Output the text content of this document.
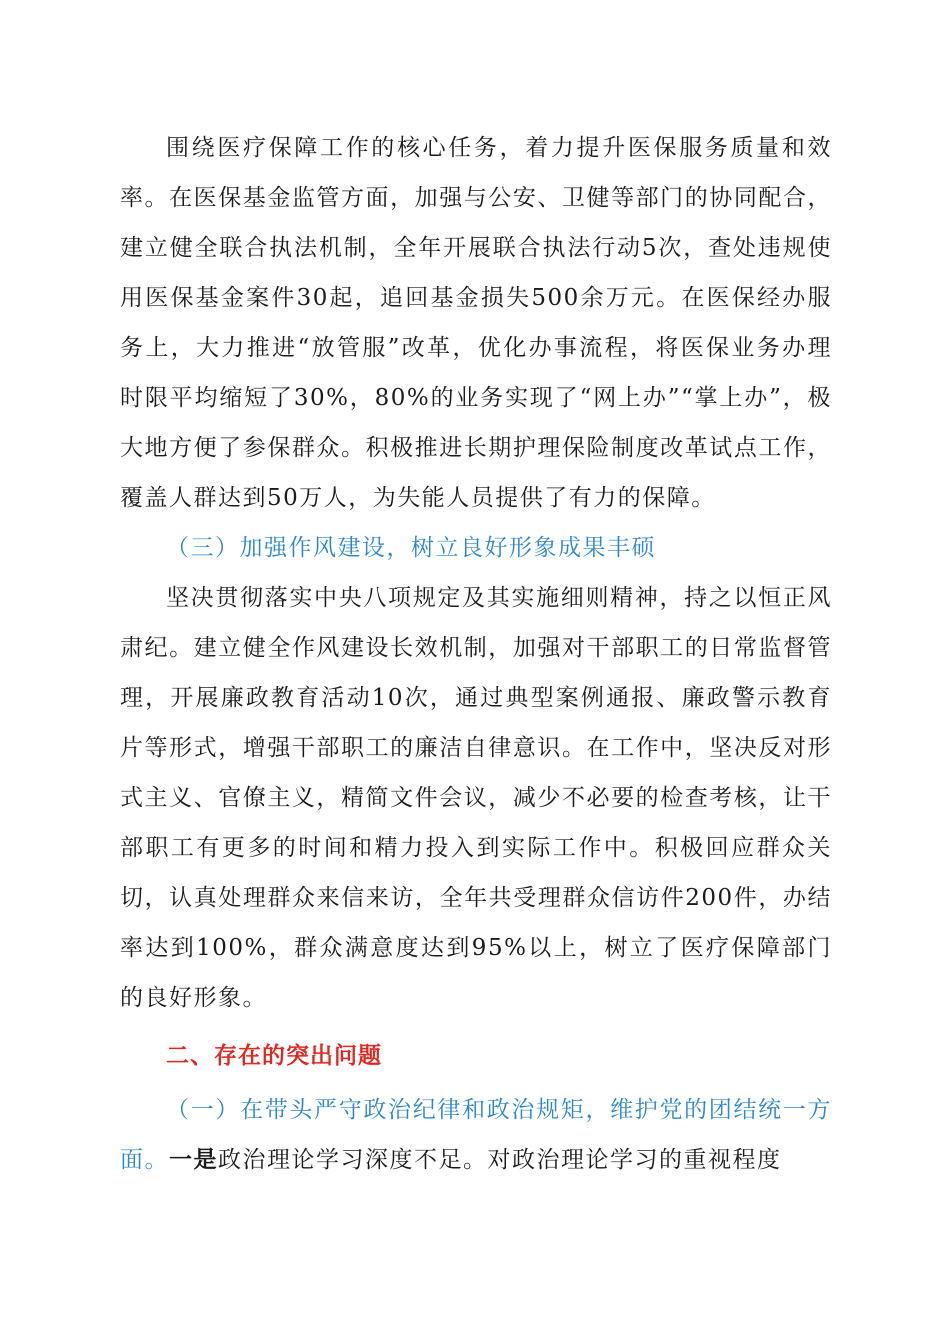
围绕医疗保障工作的核心任务，着力提升医保服务质量和效率。在医保基金监管方面，加强与公安、卫健等部门的协同配合，建立健全联合执法机制，全年开展联合执法行动5次，查处违规使用医保基金案件30起，追回基金损失500余万元。在医保经办服务上，大力推进“放管服”改革，优化办事流程，将医保业务办理时限平均缩短了30%，80%的业务实现了“网上办”“掌上办”，极大地方便了参保群众。积极推进长期护理保险制度改革试点工作，覆盖人群达到50万人，为失能人员提供了有力的保障。

（三）加强作风建设，树立良好形象成果丰硕

坚决贯彻落实中央八项规定及其实施细则精神，持之以恒正风肃纪。建立健全作风建设长效机制，加强对干部职工的日常监督管理，开展廉政教育活动10次，通过典型案例通报、廉政警示教育片等形式，增强干部职工的廉洁自律意识。在工作中，坚决反对形式主义、官僚主义，精简文件会议，减少不必要的检查考核，让干部职工有更多的时间和精力投入到实际工作中。积极回应群众关切，认真处理群众来信来访，全年共受理群众信访件200件，办结率达到100%，群众满意度达到95%以上，树立了医疗保障部门的良好形象。

二、存在的突出问题

（一）在带头严守政治纪律和政治规矩，维护党的团结统一方面。一是政治理论学习深度不足。对政治理论学习的重视程度
